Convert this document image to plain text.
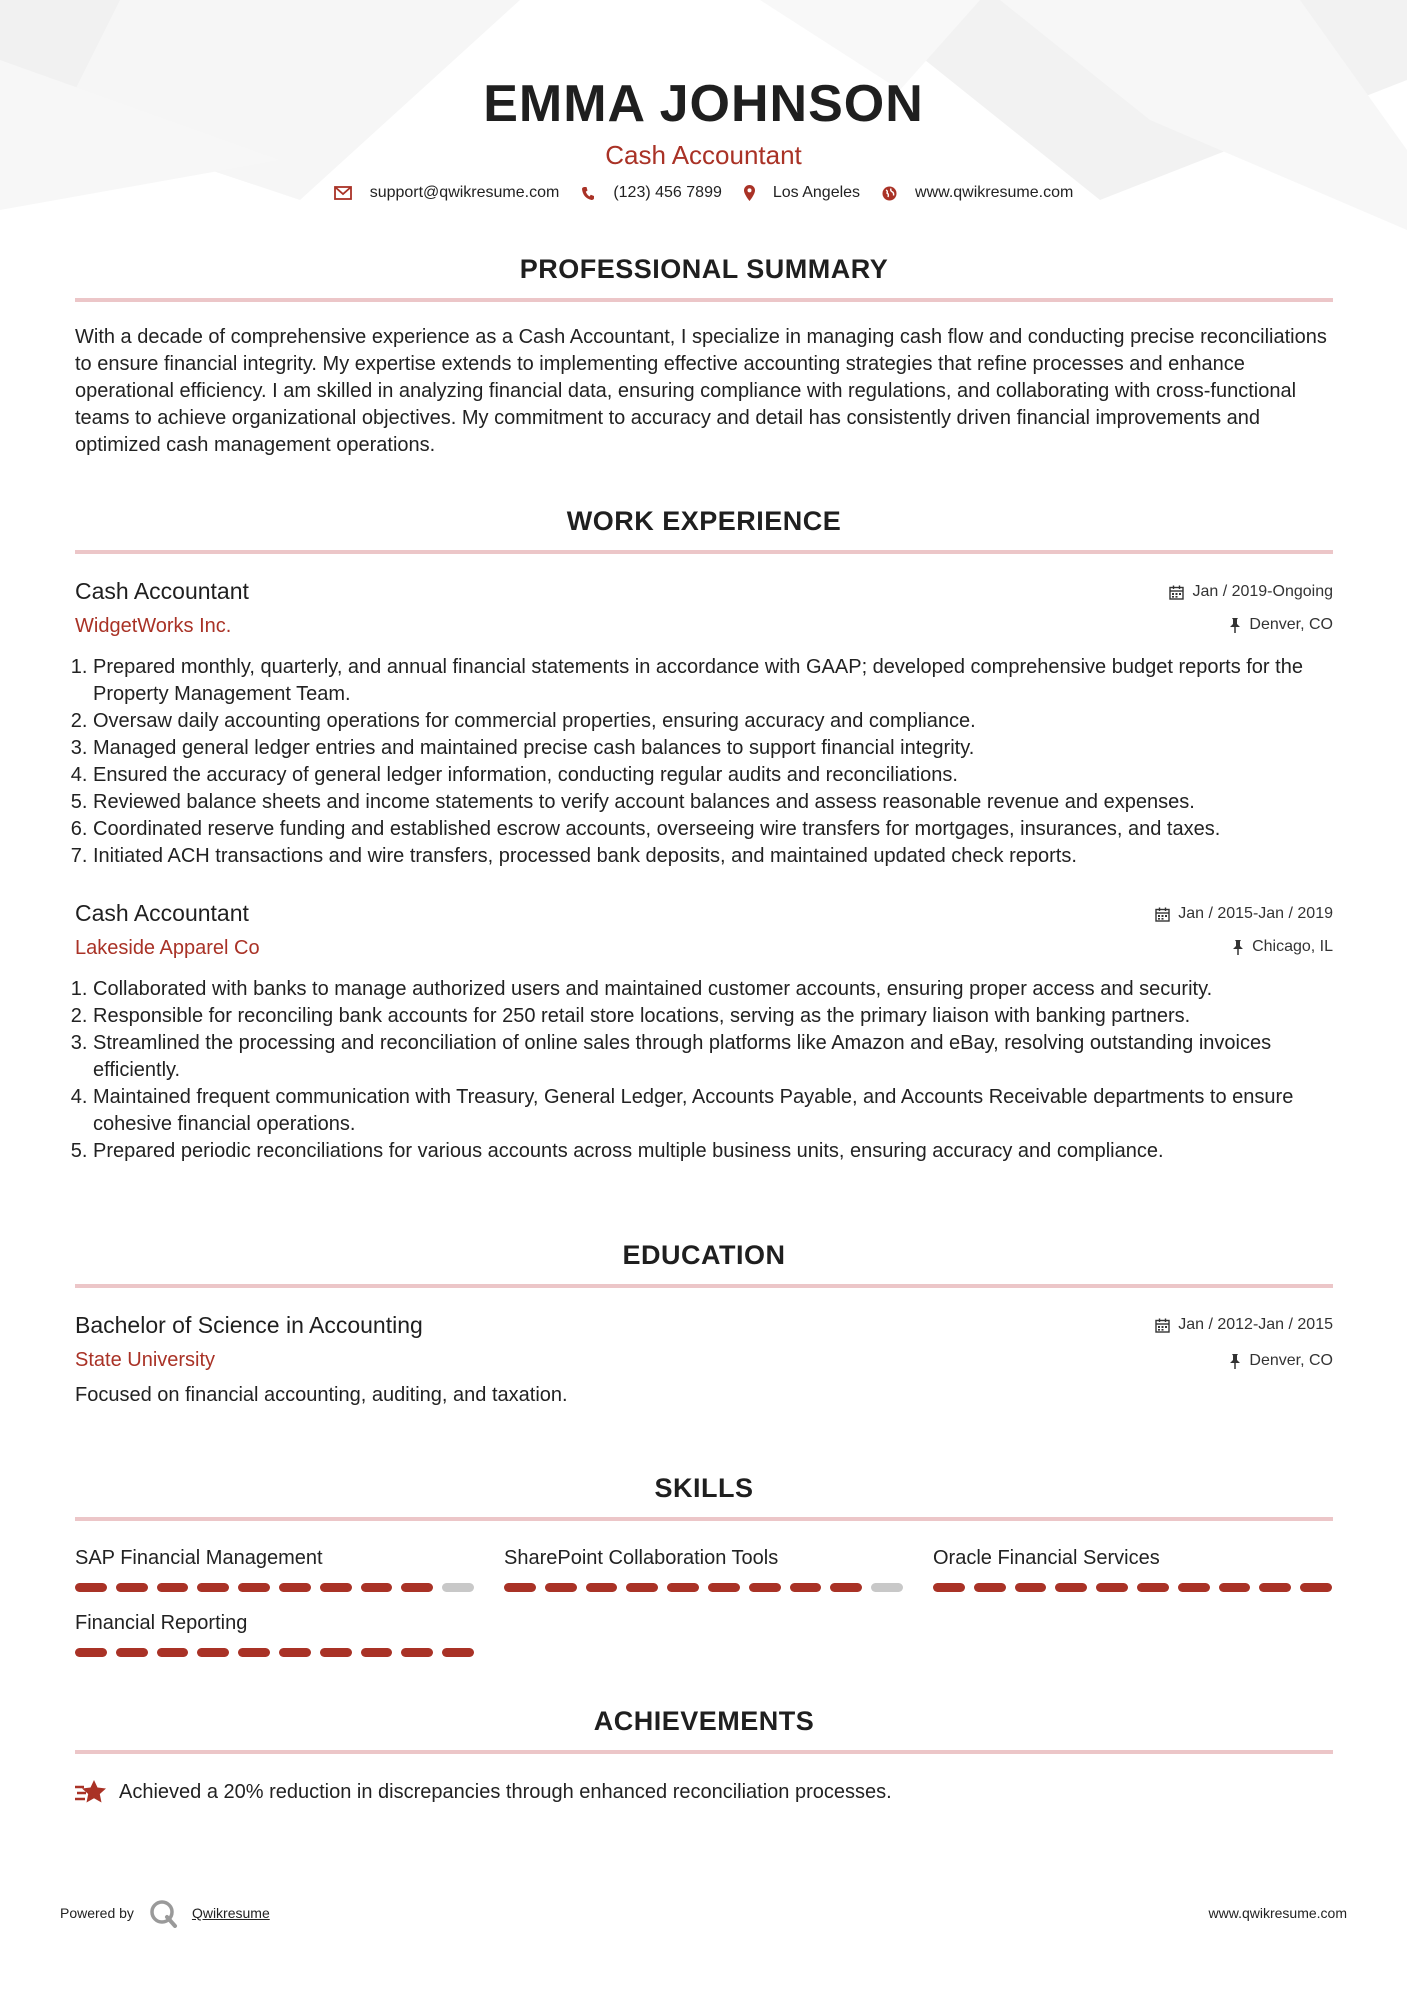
EMMA JOHNSON
Cash Accountant
support@qwikresume.com	(123) 456 7899	Los Angeles	www.qwikresume.com
PROFESSIONAL SUMMARY
With a decade of comprehensive experience as a Cash Accountant, I specialize in managing cash flow and conducting precise reconciliations to ensure financial integrity. My expertise extends to implementing effective accounting strategies that refine processes and enhance operational efficiency. I am skilled in analyzing financial data, ensuring compliance with regulations, and collaborating with cross-functional teams to achieve organizational objectives. My commitment to accuracy and detail has consistently driven financial improvements and optimized cash management operations.
WORK EXPERIENCE
Cash Accountant
WidgetWorks Inc.
Jan / 2019-Ongoing
Denver, CO
1. Prepared monthly, quarterly, and annual financial statements in accordance with GAAP; developed comprehensive budget reports for the Property Management Team.
2. Oversaw daily accounting operations for commercial properties, ensuring accuracy and compliance.
3. Managed general ledger entries and maintained precise cash balances to support financial integrity.
4. Ensured the accuracy of general ledger information, conducting regular audits and reconciliations.
5. Reviewed balance sheets and income statements to verify account balances and assess reasonable revenue and expenses.
6. Coordinated reserve funding and established escrow accounts, overseeing wire transfers for mortgages, insurances, and taxes.
7. Initiated ACH transactions and wire transfers, processed bank deposits, and maintained updated check reports.
Cash Accountant
Lakeside Apparel Co
Jan / 2015-Jan / 2019
Chicago, IL
1. Collaborated with banks to manage authorized users and maintained customer accounts, ensuring proper access and security.
2. Responsible for reconciling bank accounts for 250 retail store locations, serving as the primary liaison with banking partners.
3. Streamlined the processing and reconciliation of online sales through platforms like Amazon and eBay, resolving outstanding invoices efficiently.
4. Maintained frequent communication with Treasury, General Ledger, Accounts Payable, and Accounts Receivable departments to ensure cohesive financial operations.
5. Prepared periodic reconciliations for various accounts across multiple business units, ensuring accuracy and compliance.
EDUCATION
Bachelor of Science in Accounting
State University
Jan / 2012-Jan / 2015
Denver, CO
Focused on financial accounting, auditing, and taxation.
SKILLS
SAP Financial Management	SharePoint Collaboration Tools	Oracle Financial Services
Financial Reporting
ACHIEVEMENTS
Achieved a 20% reduction in discrepancies through enhanced reconciliation processes.
Powered by	Qwikresume	www.qwikresume.com
